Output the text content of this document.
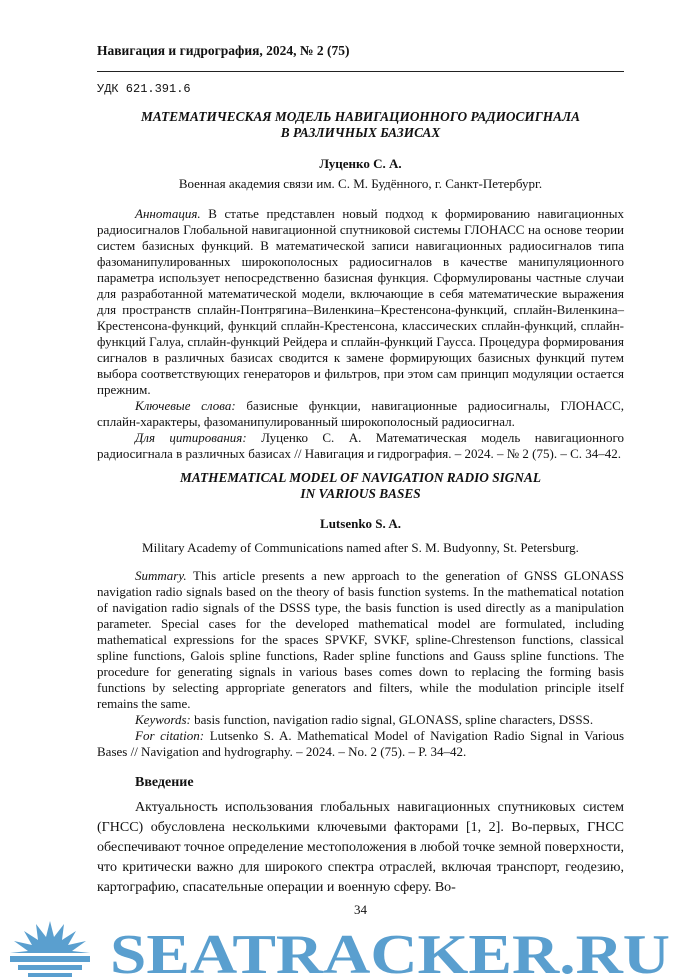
Навигация и гидрография, 2024, № 2 (75)
УДК 621.391.6
МАТЕМАТИЧЕСКАЯ МОДЕЛЬ НАВИГАЦИОННОГО РАДИОСИГНАЛА
В РАЗЛИЧНЫХ БАЗИСАХ
Луценко С. А.
Военная академия связи им. С. М. Будённого, г. Санкт-Петербург.

Аннотация. В статье представлен новый подход к формированию навигационных радиосигналов Глобальной навигационной спутниковой системы ГЛОНАСС на основе теории систем базисных функций. В математической записи навигационных радиосигналов типа фазоманипулированных широкополосных радиосигналов в качестве манипуляционного параметра использует непосредственно базисная функция. Сформулированы частные случаи для разработанной математической модели, включающие в себя математические выражения для пространств сплайн-Понтрягина–Виленкина–Крестенсона-функций, сплайн-Виленкина–Крестенсона-функций, функций сплайн-Крестенсона, классических сплайн-функций, сплайн-функций Галуа, сплайн-функций Рейдера и сплайн-функций Гаусса. Процедура формирования сигналов в различных базисах сводится к замене формирующих базисных функций путем выбора соответствующих генераторов и фильтров, при этом сам принцип модуляции остается прежним.

Ключевые слова: базисные функции, навигационные радиосигналы, ГЛОНАСС, сплайн-характеры, фазоманипулированный широкополосный радиосигнал.

Для цитирования: Луценко С. А. Математическая модель навигационного радиосигнала в различных базисах // Навигация и гидрография. – 2024. – № 2 (75). – С. 34–42.

MATHEMATICAL MODEL OF NAVIGATION RADIO SIGNAL
IN VARIOUS BASES
Lutsenko S. A.
Military Academy of Communications named after S. M. Budyonny, St. Petersburg.

Summary. This article presents a new approach to the generation of GNSS GLONASS navigation radio signals based on the theory of basis function systems. In the mathematical notation of navigation radio signals of the DSSS type, the basis function is used directly as a manipulation parameter. Special cases for the developed mathematical model are formulated, including mathematical expressions for the spaces SPVKF, SVKF, spline-Chrestenson functions, classical spline functions, Galois spline functions, Rader spline functions and Gauss spline functions. The procedure for generating signals in various bases comes down to replacing the forming basis functions by selecting appropriate generators and filters, while the modulation principle itself remains the same.

Keywords: basis function, navigation radio signal, GLONASS, spline characters, DSSS.

For citation: Lutsenko S. A. Mathematical Model of Navigation Radio Signal in Various Bases // Navigation and hydrography. – 2024. – No. 2 (75). – P. 34–42.

Введение

Актуальность использования глобальных навигационных спутниковых систем (ГНСС) обусловлена несколькими ключевыми факторами [1, 2]. Во-первых, ГНСС обеспечивают точное определение местоположения в любой точке земной поверхности, что критически важно для широкого спектра отраслей, включая транспорт, геодезию, картографию, спасательные операции и военную сферу. Во-

34
SEATRACKER.RU
